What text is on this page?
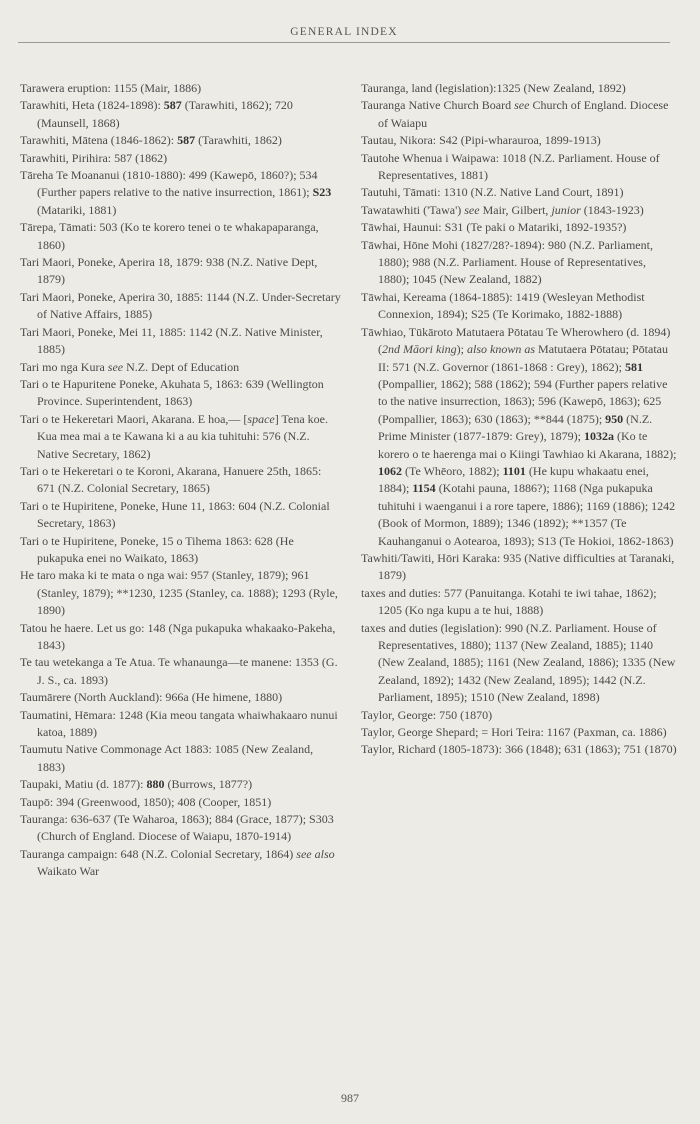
GENERAL INDEX

Tarawera eruption: 1155 (Mair, 1886)

Tarawhiti, Heta (1824-1898): 587 (Tarawhiti, 1862); 720 (Maunsell, 1868)

Tarawhiti, Mātena (1846-1862): 587 (Tarawhiti, 1862)

Tarawhiti, Pirihira: 587 (1862)

Tāreha Te Moananui (1810-1880): 499 (Kawepō, 1860?); 534 (Further papers relative to the native insurrection, 1861); S23 (Matariki, 1881)

Tārepa, Tāmati: 503 (Ko te korero tenei o te whakapaparanga, 1860)

Tari Maori, Poneke, Aperira 18, 1879: 938 (N.Z. Native Dept, 1879)

Tari Maori, Poneke, Aperira 30, 1885: 1144 (N.Z. Under-Secretary of Native Affairs, 1885)

Tari Maori, Poneke, Mei 11, 1885: 1142 (N.Z. Native Minister, 1885)

Tari mo nga Kura see N.Z. Dept of Education

Tari o te Hapuritene Poneke, Akuhata 5, 1863: 639 (Wellington Province. Superintendent, 1863)

Tari o te Hekeretari Maori, Akarana. E hoa,— [space] Tena koe. Kua mea mai a te Kawana ki a au kia tuhituhi: 576 (N.Z. Native Secretary, 1862)

Tari o te Hekeretari o te Koroni, Akarana, Hanuere 25th, 1865: 671 (N.Z. Colonial Secretary, 1865)

Tari o te Hupiritene, Poneke, Hune 11, 1863: 604 (N.Z. Colonial Secretary, 1863)

Tari o te Hupiritene, Poneke, 15 o Tihema 1863: 628 (He pukapuka enei no Waikato, 1863)

He taro maka ki te mata o nga wai: 957 (Stanley, 1879); 961 (Stanley, 1879); **1230, 1235 (Stanley, ca. 1888); 1293 (Ryle, 1890)

Tatou he haere. Let us go: 148 (Nga pukapuka whakaako-Pakeha, 1843)

Te tau wetekanga a Te Atua. Te whanaunga—te manene: 1353 (G. J. S., ca. 1893)

Taumārere (North Auckland): 966a (He himene, 1880)

Taumatini, Hēmara: 1248 (Kia meou tangata whaiwhakaaro nunui katoa, 1889)

Taumutu Native Commonage Act 1883: 1085 (New Zealand, 1883)

Taupaki, Matiu (d. 1877): 880 (Burrows, 1877?)

Taupō: 394 (Greenwood, 1850); 408 (Cooper, 1851)

Tauranga: 636-637 (Te Waharoa, 1863); 884 (Grace, 1877); S303 (Church of England. Diocese of Waiapu, 1870-1914)

Tauranga campaign: 648 (N.Z. Colonial Secretary, 1864) see also Waikato War

Tauranga, land (legislation):1325 (New Zealand, 1892)

Tauranga Native Church Board see Church of England. Diocese of Waiapu

Tautau, Nikora: S42 (Pipi-wharauroa, 1899-1913)

Tautohe Whenua i Waipawa: 1018 (N.Z. Parliament. House of Representatives, 1881)

Tautuhi, Tāmati: 1310 (N.Z. Native Land Court, 1891)

Tawatawhiti ('Tawa') see Mair, Gilbert, junior (1843-1923)

Tāwhai, Haunui: S31 (Te paki o Matariki, 1892-1935?)

Tāwhai, Hōne Mohi (1827/28?-1894): 980 (N.Z. Parliament, 1880); 988 (N.Z. Parliament. House of Representatives, 1880); 1045 (New Zealand, 1882)

Tāwhai, Kereama (1864-1885): 1419 (Wesleyan Methodist Connexion, 1894); S25 (Te Korimako, 1882-1888)

Tāwhiao, Tūkāroto Matutaera Pōtatau Te Wherowhero (d. 1894) (2nd Māori king); also known as Matutaera Pōtatau; Pōtatau II: 571 (N.Z. Governor (1861-1868 : Grey), 1862); 581 (Pompallier, 1862); 588 (1862); 594 (Further papers relative to the native insurrection, 1863); 596 (Kawepō, 1863); 625 (Pompallier, 1863); 630 (1863); **844 (1875); 950 (N.Z. Prime Minister (1877-1879: Grey), 1879); 1032a (Ko te korero o te haerenga mai o Kiingi Tawhiao ki Akarana, 1882); 1062 (Te Whēoro, 1882); 1101 (He kupu whakaatu enei, 1884); 1154 (Kotahi pauna, 1886?); 1168 (Nga pukapuka tuhituhi i waenganui i a rore tapere, 1886); 1169 (1886); 1242 (Book of Mormon, 1889); 1346 (1892); **1357 (Te Kauhanganui o Aotearoa, 1893); S13 (Te Hokioi, 1862-1863)

Tawhiti/Tawiti, Hōri Karaka: 935 (Native difficulties at Taranaki, 1879)

taxes and duties: 577 (Panuitanga. Kotahi te iwi tahae, 1862); 1205 (Ko nga kupu a te hui, 1888)

taxes and duties (legislation): 990 (N.Z. Parliament. House of Representatives, 1880); 1137 (New Zealand, 1885); 1140 (New Zealand, 1885); 1161 (New Zealand, 1886); 1335 (New Zealand, 1892); 1432 (New Zealand, 1895); 1442 (N.Z. Parliament, 1895); 1510 (New Zealand, 1898)

Taylor, George: 750 (1870)

Taylor, George Shepard; = Hori Teira: 1167 (Paxman, ca. 1886)

Taylor, Richard (1805-1873): 366 (1848); 631 (1863); 751 (1870)

987
